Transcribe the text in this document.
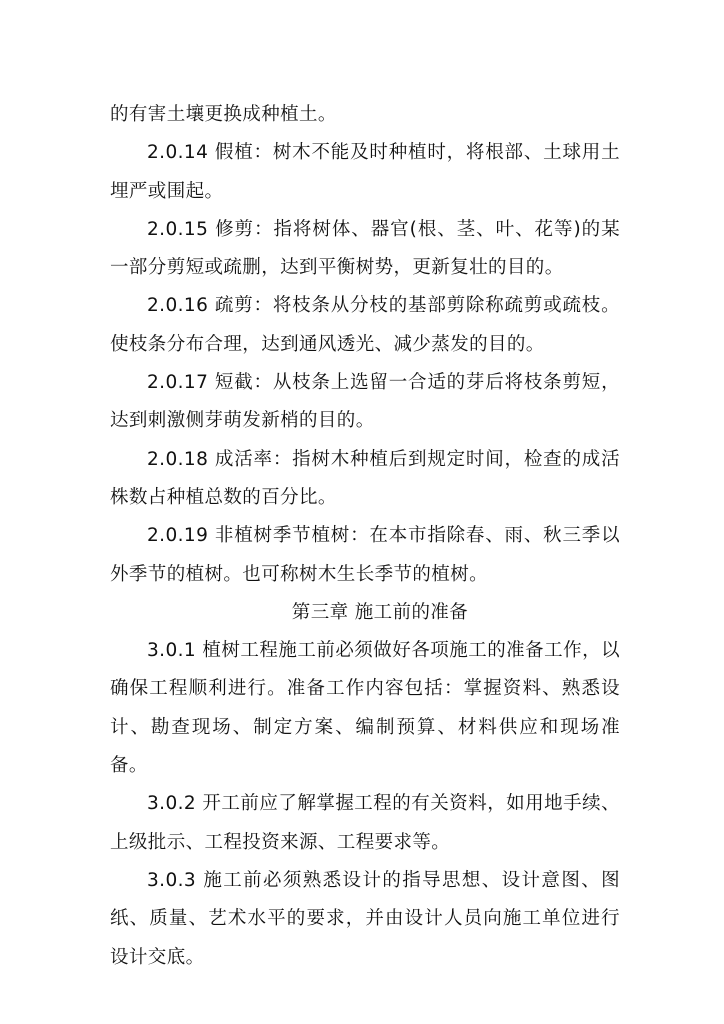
的有害土壤更换成种植土。

2.0.14 假植：树木不能及时种植时，将根部、土球用土埋严或围起。

2.0.15 修剪：指将树体、器官(根、茎、叶、花等)的某一部分剪短或疏删，达到平衡树势，更新复壮的目的。

2.0.16 疏剪：将枝条从分枝的基部剪除称疏剪或疏枝。使枝条分布合理，达到通风透光、减少蒸发的目的。

2.0.17 短截：从枝条上选留一合适的芽后将枝条剪短，达到刺激侧芽萌发新梢的目的。

2.0.18 成活率：指树木种植后到规定时间，检查的成活株数占种植总数的百分比。

2.0.19 非植树季节植树：在本市指除春、雨、秋三季以外季节的植树。也可称树木生长季节的植树。

第三章 施工前的准备

3.0.1 植树工程施工前必须做好各项施工的准备工作，以确保工程顺利进行。准备工作内容包括：掌握资料、熟悉设计、勘查现场、制定方案、编制预算、材料供应和现场准备。

3.0.2 开工前应了解掌握工程的有关资料，如用地手续、上级批示、工程投资来源、工程要求等。

3.0.3 施工前必须熟悉设计的指导思想、设计意图、图纸、质量、艺术水平的要求，并由设计人员向施工单位进行设计交底。
